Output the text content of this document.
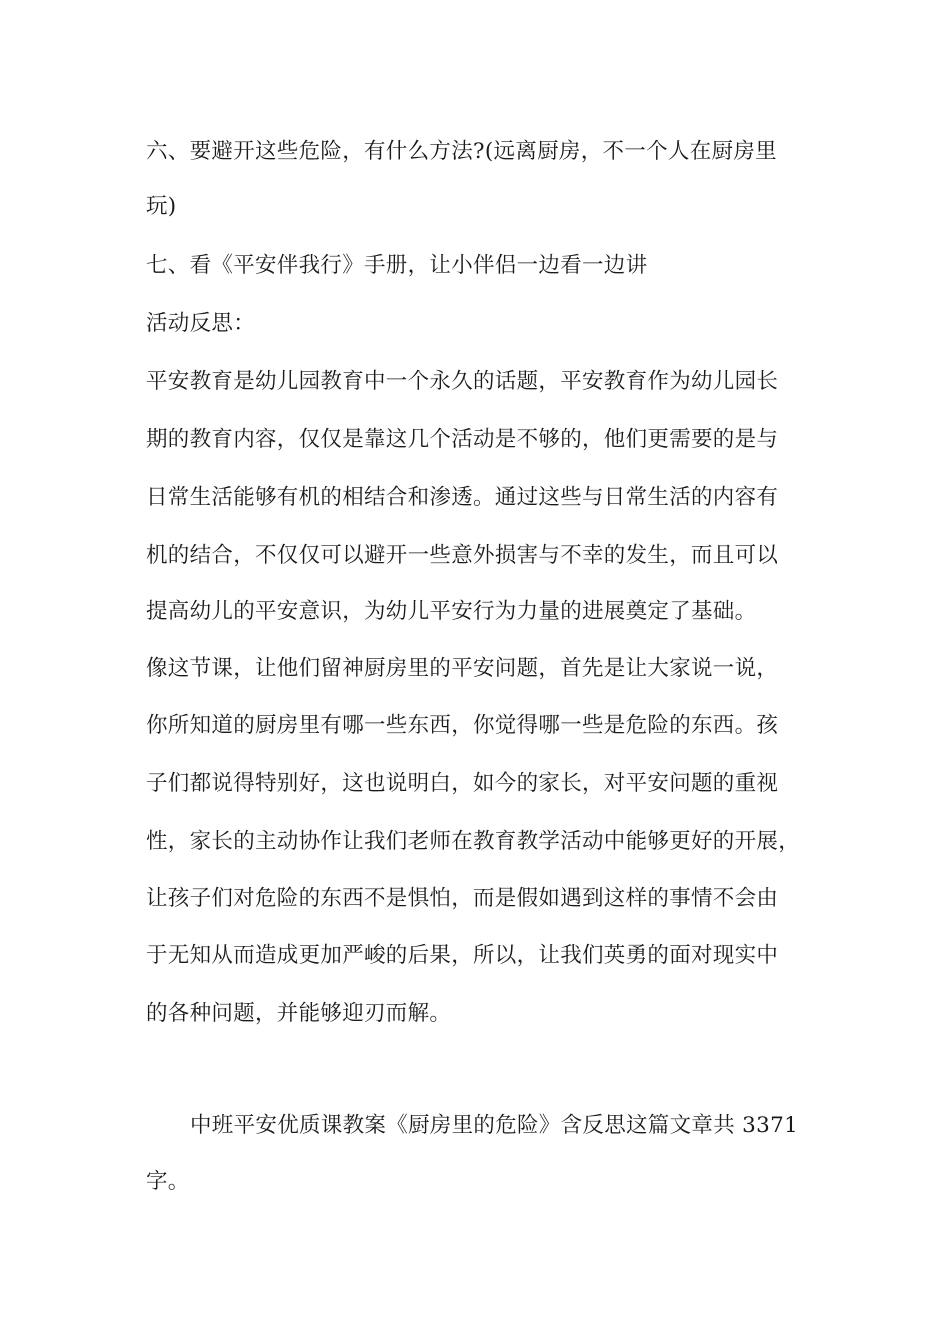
六、要避开这些危险，有什么方法?(远离厨房，不一个人在厨房里
玩)
七、看《平安伴我行》手册，让小伴侣一边看一边讲
活动反思：
平安教育是幼儿园教育中一个永久的话题，平安教育作为幼儿园长
期的教育内容，仅仅是靠这几个活动是不够的，他们更需要的是与
日常生活能够有机的相结合和渗透。通过这些与日常生活的内容有
机的结合，不仅仅可以避开一些意外损害与不幸的发生，而且可以
提高幼儿的平安意识，为幼儿平安行为力量的进展奠定了基础。
像这节课，让他们留神厨房里的平安问题，首先是让大家说一说，
你所知道的厨房里有哪一些东西，你觉得哪一些是危险的东西。孩
子们都说得特别好，这也说明白，如今的家长，对平安问题的重视
性，家长的主动协作让我们老师在教育教学活动中能够更好的开展，
让孩子们对危险的东西不是惧怕，而是假如遇到这样的事情不会由
于无知从而造成更加严峻的后果，所以，让我们英勇的面对现实中
的各种问题，并能够迎刃而解。
中班平安优质课教案《厨房里的危险》含反思这篇文章共 3371
字。
